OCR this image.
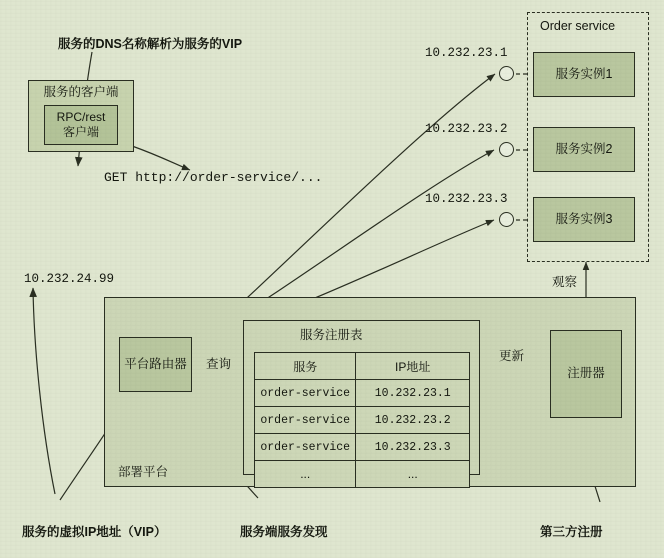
服务的DNS名称解析为服务的VIP
服务的客户端
RPC/rest
客户端
GET http://order-service/...
10.232.24.99
部署平台
平台路由器 查询
服务注册表
服务	IP地址
order-service	10.232.23.1
order-service	10.232.23.2
order-service	10.232.23.3
...	...
更新
注册器
观察
Order service
10.232.23.1
服务实例1
10.232.23.2
服务实例2
10.232.23.3
服务实例3
服务的虚拟IP地址（VIP）	服务端服务发现	第三方注册
